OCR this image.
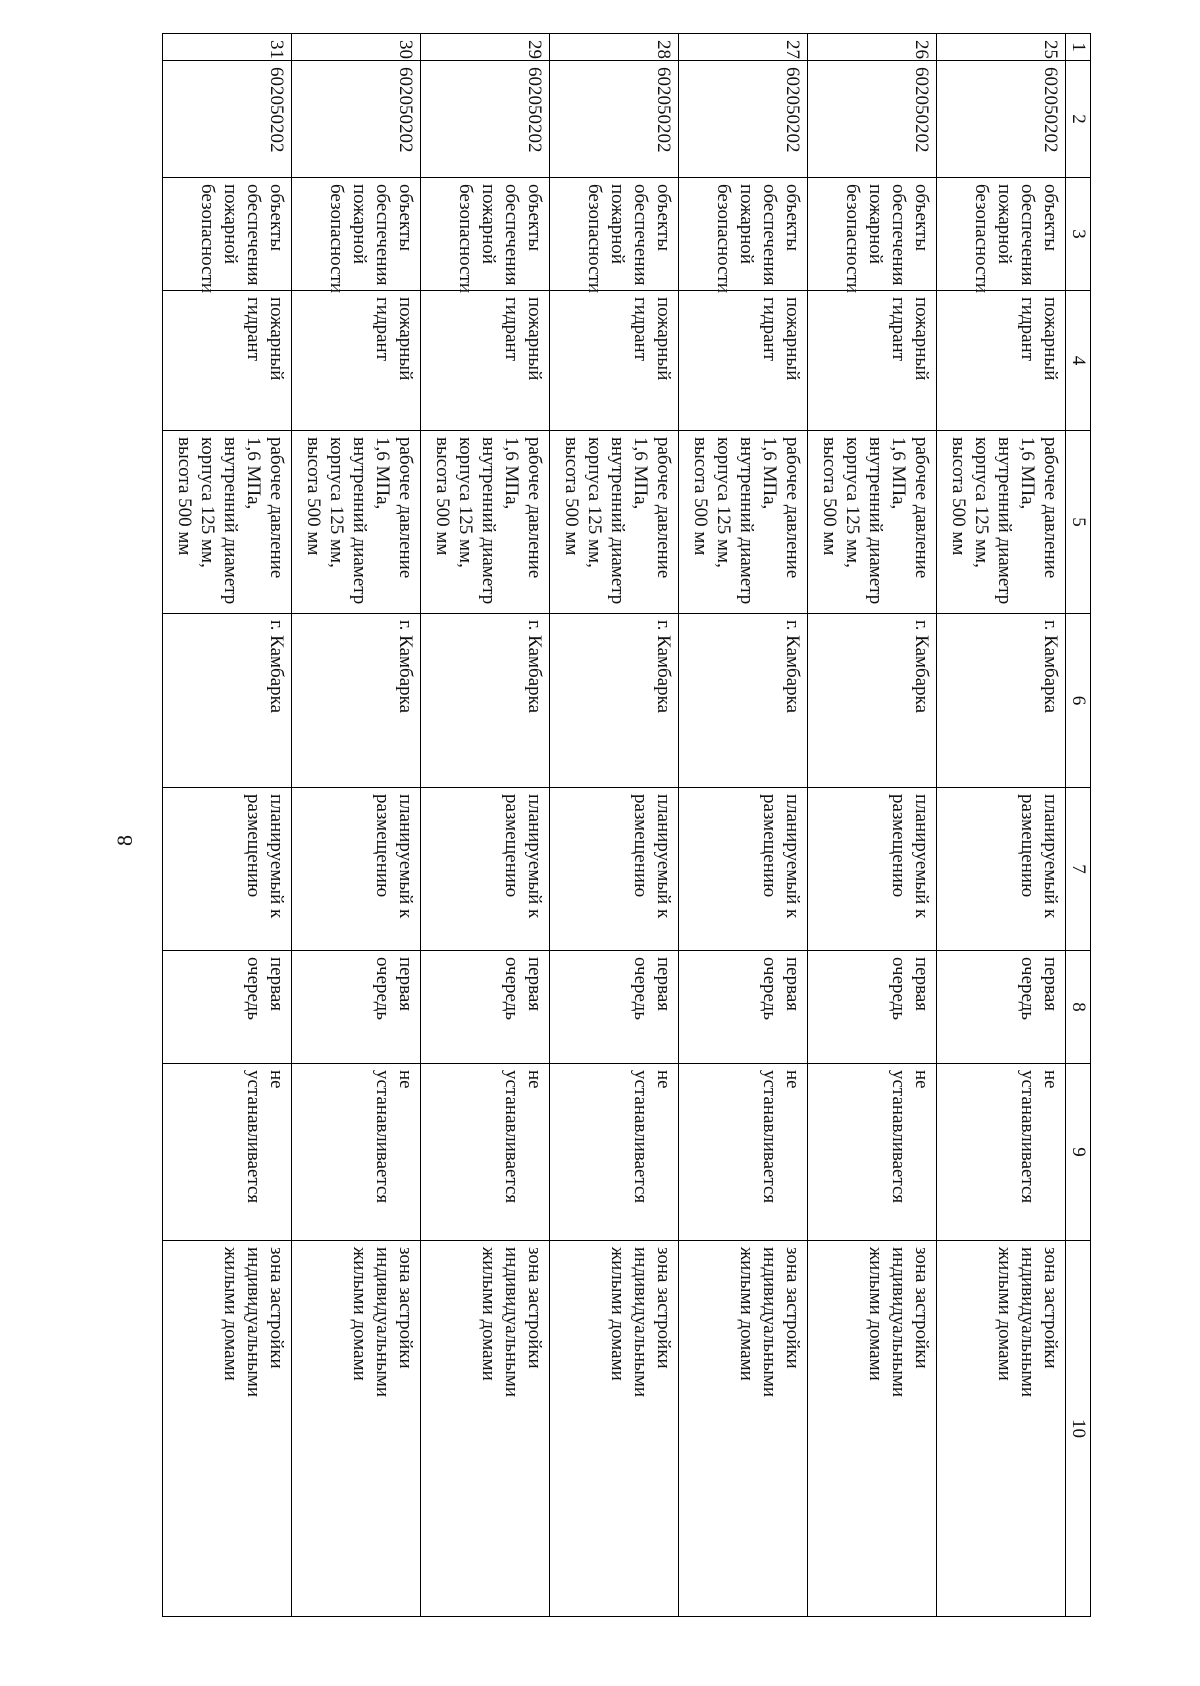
8
1	2	3	4	5	6	7	8	9	10
25	602050202	объекты
обеспечения
пожарной
безопасности	пожарный
гидрант	рабочее давление
1,6 МПа,
внутренний диаметр
корпуса 125 мм,
высота 500 мм	г. Камбарка	планируемый к
размещению	первая
очередь	не
устанавливается	зона застройки
индивидуальными
жилыми домами
26	602050202	объекты
обеспечения
пожарной
безопасности	пожарный
гидрант	рабочее давление
1,6 МПа,
внутренний диаметр
корпуса 125 мм,
высота 500 мм	г. Камбарка	планируемый к
размещению	первая
очередь	не
устанавливается	зона застройки
индивидуальными
жилыми домами
27	602050202	объекты
обеспечения
пожарной
безопасности	пожарный
гидрант	рабочее давление
1,6 МПа,
внутренний диаметр
корпуса 125 мм,
высота 500 мм	г. Камбарка	планируемый к
размещению	первая
очередь	не
устанавливается	зона застройки
индивидуальными
жилыми домами
28	602050202	объекты
обеспечения
пожарной
безопасности	пожарный
гидрант	рабочее давление
1,6 МПа,
внутренний диаметр
корпуса 125 мм,
высота 500 мм	г. Камбарка	планируемый к
размещению	первая
очередь	не
устанавливается	зона застройки
индивидуальными
жилыми домами
29	602050202	объекты
обеспечения
пожарной
безопасности	пожарный
гидрант	рабочее давление
1,6 МПа,
внутренний диаметр
корпуса 125 мм,
высота 500 мм	г. Камбарка	планируемый к
размещению	первая
очередь	не
устанавливается	зона застройки
индивидуальными
жилыми домами
30	602050202	объекты
обеспечения
пожарной
безопасности	пожарный
гидрант	рабочее давление
1,6 МПа,
внутренний диаметр
корпуса 125 мм,
высота 500 мм	г. Камбарка	планируемый к
размещению	первая
очередь	не
устанавливается	зона застройки
индивидуальными
жилыми домами
31	602050202	объекты
обеспечения
пожарной
безопасности	пожарный
гидрант	рабочее давление
1,6 МПа,
внутренний диаметр
корпуса 125 мм,
высота 500 мм	г. Камбарка	планируемый к
размещению	первая
очередь	не
устанавливается	зона застройки
индивидуальными
жилыми домами
